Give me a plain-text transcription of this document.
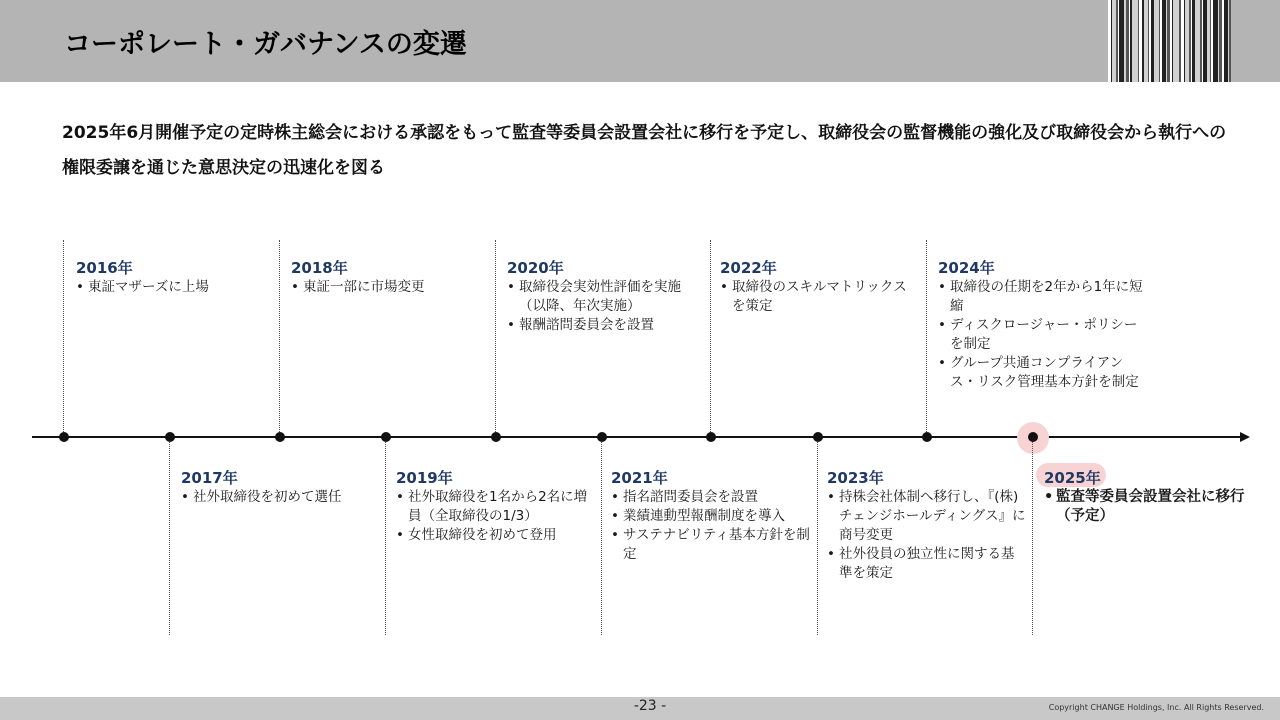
コーポレート・ガバナンスの変遷
2025年6月開催予定の定時株主総会における承認をもって監査等委員会設置会社に移行を予定し、取締役会の監督機能の強化及び取締役会から執行への権限委譲を通じた意思決定の迅速化を図る
2016年
• 東証マザーズに上場
2018年
• 東証一部に市場変更
2020年
• 取締役会実効性評価を実施（以降、年次実施）
• 報酬諮問委員会を設置
2022年
• 取締役のスキルマトリックスを策定
2024年
• 取締役の任期を2年から1年に短縮
• ディスクロージャー・ポリシーを制定
• グループ共通コンプライアンス・リスク管理基本方針を制定
2017年
• 社外取締役を初めて選任
2019年
• 社外取締役を1名から2名に増員（全取締役の1/3）
• 女性取締役を初めて登用
2021年
• 指名諮問委員会を設置
• 業績連動型報酬制度を導入
• サステナビリティ基本方針を制定
2023年
• 持株会社体制へ移行し、『(株)チェンジホールディングス』に商号変更
• 社外役員の独立性に関する基準を策定
2025年
• 監査等委員会設置会社に移行（予定）
-23 -	Copyright CHANGE Holdings, Inc. All Rights Reserved.
